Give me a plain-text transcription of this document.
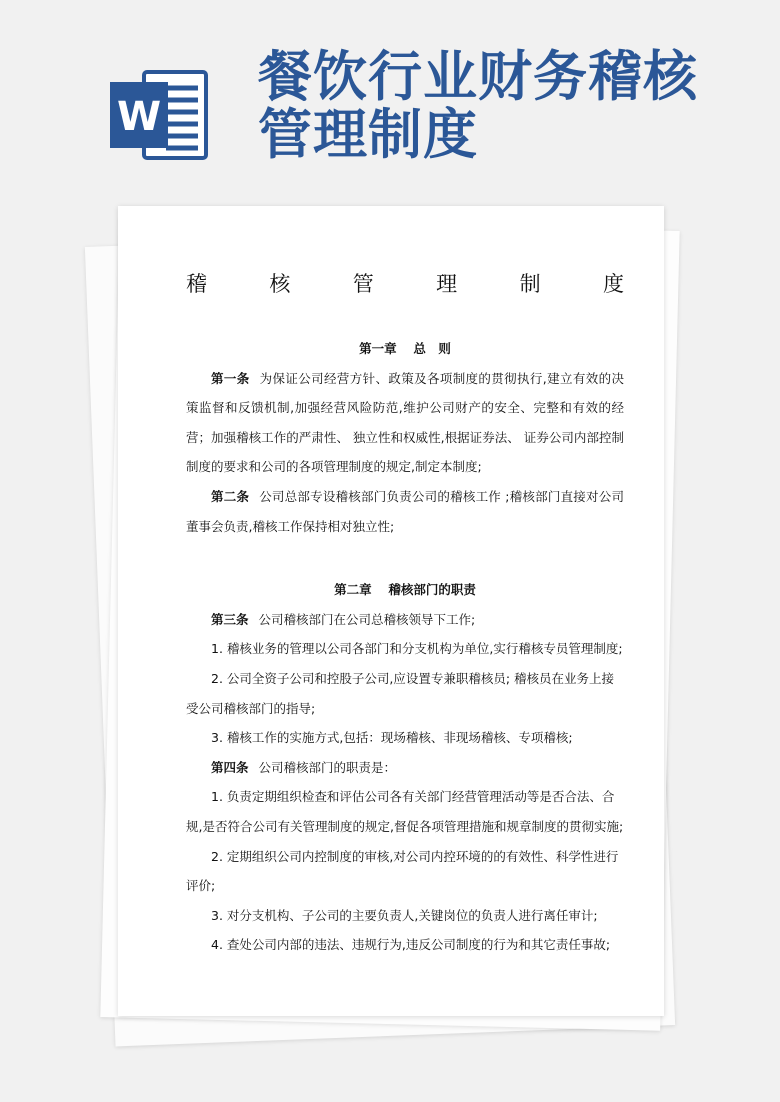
W
餐饮行业财务稽核
管理制度
稽	核	管	理	制	度

第一章　 总　则

第一条 为保证公司经营方针、政策及各项制度的贯彻执行,建立有效的决策监督和反馈机制,加强经营风险防范,维护公司财产的安全、完整和有效的经营；加强稽核工作的严肃性、 独立性和权威性,根据证券法、 证券公司内部控制制度的要求和公司的各项管理制度的规定,制定本制度;

第二条 公司总部专设稽核部门负责公司的稽核工作 ;稽核部门直接对公司董事会负责,稽核工作保持相对独立性;

第二章　 稽核部门的职责

第三条 公司稽核部门在公司总稽核领导下工作;

1. 稽核业务的管理以公司各部门和分支机构为单位,实行稽核专员管理制度;

2. 公司全资子公司和控股子公司,应设置专兼职稽核员; 稽核员在业务上接受公司稽核部门的指导;

3. 稽核工作的实施方式,包括：现场稽核、非现场稽核、专项稽核;

第四条 公司稽核部门的职责是：

1. 负责定期组织检查和评估公司各有关部门经营管理活动等是否合法、合规,是否符合公司有关管理制度的规定,督促各项管理措施和规章制度的贯彻实施;

2. 定期组织公司内控制度的审核,对公司内控环境的的有效性、科学性进行评价;

3. 对分支机构、子公司的主要负责人,关键岗位的负责人进行离任审计;

4. 查处公司内部的违法、违规行为,违反公司制度的行为和其它责任事故;
